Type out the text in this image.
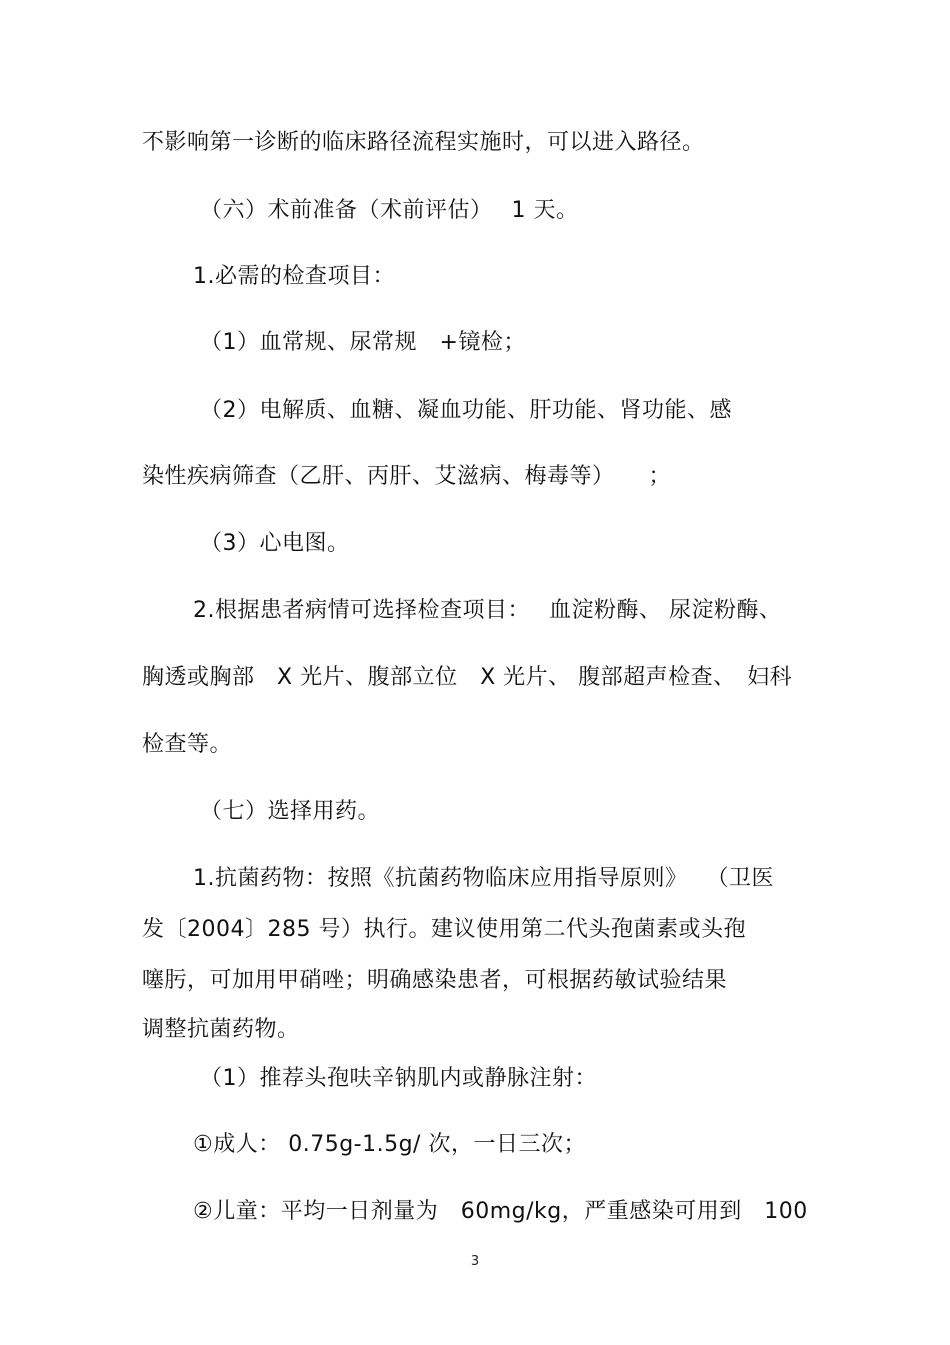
不影响第一诊断的临床路径流程实施时，可以进入路径。
（六）术前准备（术前评估）　 1 天。
1.必需的检查项目：
（1）血常规、尿常规　+镜检；
（2）电解质、血糖、凝血功能、肝功能、肾功能、感
染性疾病筛查（乙肝、丙肝、艾滋病、梅毒等）　　；
（3）心电图。
2.根据患者病情可选择检查项目：　 血淀粉酶、 尿淀粉酶、
胸透或胸部　X 光片、腹部立位　X 光片、 腹部超声检查、　妇科
检查等。
（七）选择用药。
1.抗菌药物：按照《抗菌药物临床应用指导原则》　 （卫医
发〔2004〕285 号）执行。建议使用第二代头孢菌素或头孢
噻肟，可加用甲硝唑；明确感染患者，可根据药敏试验结果
调整抗菌药物。
（1）推荐头孢呋辛钠肌内或静脉注射：
①成人： 0.75g-1.5g/ 次，一日三次；
②儿童：平均一日剂量为　60mg/kg，严重感染可用到　100
3
